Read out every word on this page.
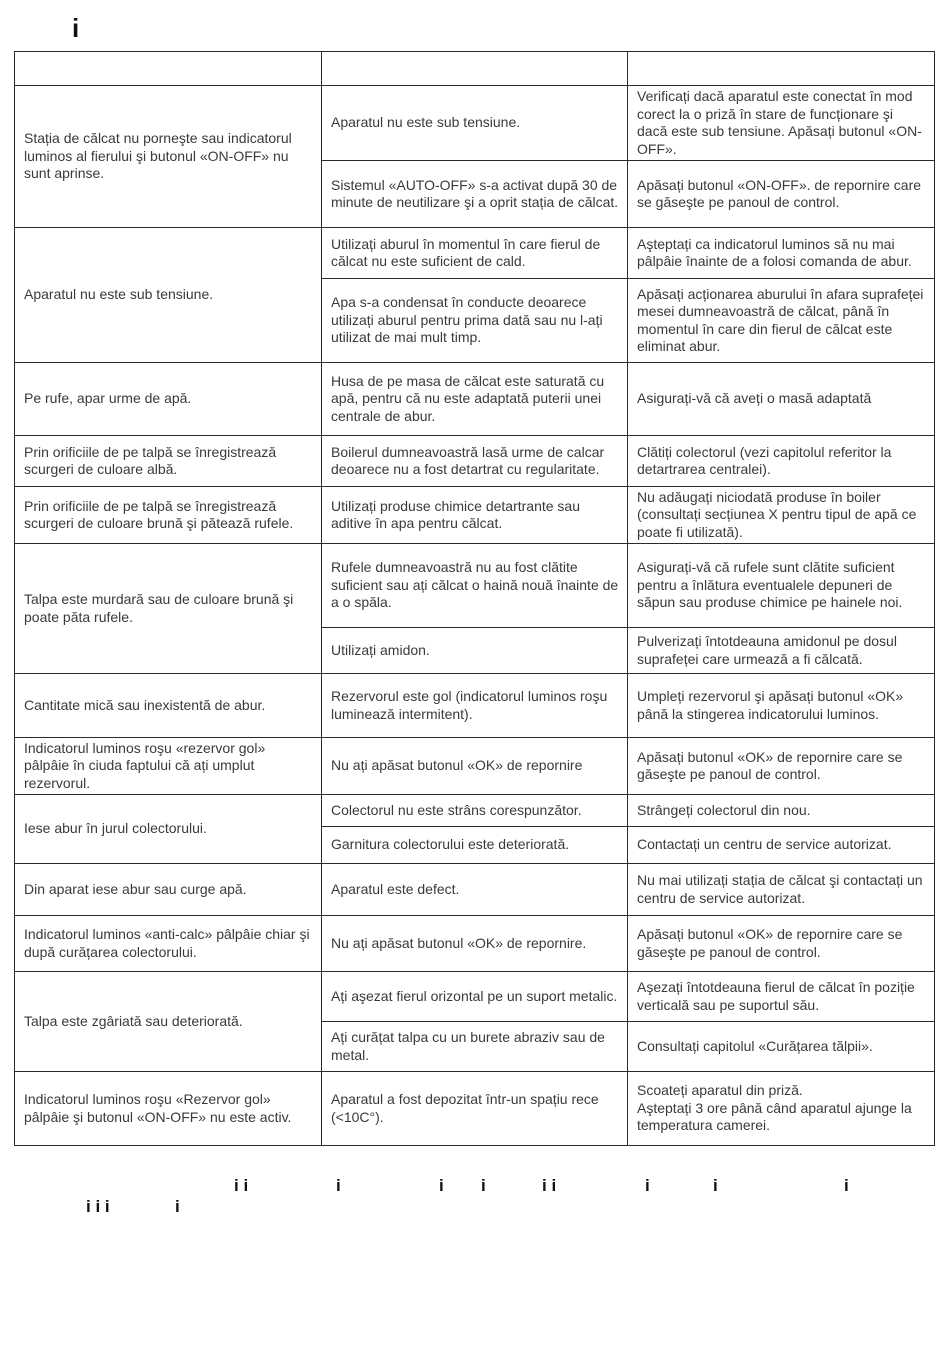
i

Stația de călcat nu porneşte sau indicatorul luminos al fierului şi butonul «ON-OFF» nu sunt aprinse.	Aparatul nu este sub tensiune.	Verificați dacă aparatul este conectat în mod corect la o priză în stare de funcționare şi dacă este sub tensiune. Apăsați butonul «ON-OFF».
	Sistemul «AUTO-OFF» s-a activat după 30 de minute de neutilizare şi a oprit stația de călcat.	Apăsați butonul «ON-OFF». de repornire care se găseşte pe panoul de control.
Aparatul nu este sub tensiune.	Utilizați aburul în momentul în care fierul de călcat nu este suficient de cald.	Aşteptați ca indicatorul luminos să nu mai pâlpâie înainte de a folosi comanda de abur.
	Apa s-a condensat în conducte deoarece utilizați aburul pentru prima dată sau nu l-ați utilizat de mai mult timp.	Apăsați acționarea aburului în afara suprafeței mesei dumneavoastră de călcat, până în momentul în care din fierul de călcat este eliminat abur.
Pe rufe, apar urme de apă.	Husa de pe masa de călcat este saturată cu apă, pentru că nu este adaptată puterii unei centrale de abur.	Asigurați-vă că aveți o masă adaptată
Prin orificiile de pe talpă se înregistrează scurgeri de culoare albă.	Boilerul dumneavoastră lasă urme de calcar deoarece nu a fost detartrat cu regularitate.	Clătiți colectorul (vezi capitolul referitor la detartrarea centralei).
Prin orificiile de pe talpă se înregistrează scurgeri de culoare brună şi pătează rufele.	Utilizați produse chimice detartrante sau aditive în apa pentru călcat.	Nu adăugați niciodată produse în boiler (consultați secțiunea X pentru tipul de apă ce poate fi utilizată).
Talpa este murdară sau de culoare brună şi poate păta rufele.	Rufele dumneavoastră nu au fost clătite suficient sau ați călcat o haină nouă înainte de a o spăla.	Asigurați-vă că rufele sunt clătite suficient pentru a înlătura eventualele depuneri de săpun sau produse chimice pe hainele noi.
	Utilizați amidon.	Pulverizați întotdeauna amidonul pe dosul suprafeței care urmează a fi călcată.
Cantitate mică sau inexistentă de abur.	Rezervorul este gol (indicatorul luminos roşu luminează intermitent).	Umpleți rezervorul şi apăsați butonul «OK» până la stingerea indicatorului luminos.
Indicatorul luminos roşu «rezervor gol» pâlpâie în ciuda faptului că ați umplut rezervorul.	Nu ați apăsat butonul «OK» de repornire	Apăsați butonul «OK» de repornire care se găseşte pe panoul de control.
Iese abur în jurul colectorului.	Colectorul nu este strâns corespunzător.	Strângeți colectorul din nou.
	Garnitura colectorului este deteriorată.	Contactați un centru de service autorizat.
Din aparat iese abur sau curge apă.	Aparatul este defect.	Nu mai utilizați stația de călcat şi contactați un centru de service autorizat.
Indicatorul luminos «anti-calc» pâlpâie chiar şi după curățarea colectorului.	Nu ați apăsat butonul «OK» de repornire.	Apăsați butonul «OK» de repornire care se găseşte pe panoul de control.
Talpa este zgâriată sau deteriorată.	Ați aşezat fierul orizontal pe un suport metalic.	Aşezați întotdeauna fierul de călcat în poziție verticală sau pe suportul său.
	Ați curățat talpa cu un burete abraziv sau de metal.	Consultați capitolul «Curățarea tălpii».
Indicatorul luminos roşu «Rezervor gol» pâlpâie şi butonul «ON-OFF» nu este activ.	Aparatul a fost depozitat într-un spațiu rece (<10C°).	Scoateți aparatul din priză.
Aşteptați 3 ore până când aparatul ajunge la temperatura camerei.
i i	i	i i	i i	i	i	i
i i i	i
